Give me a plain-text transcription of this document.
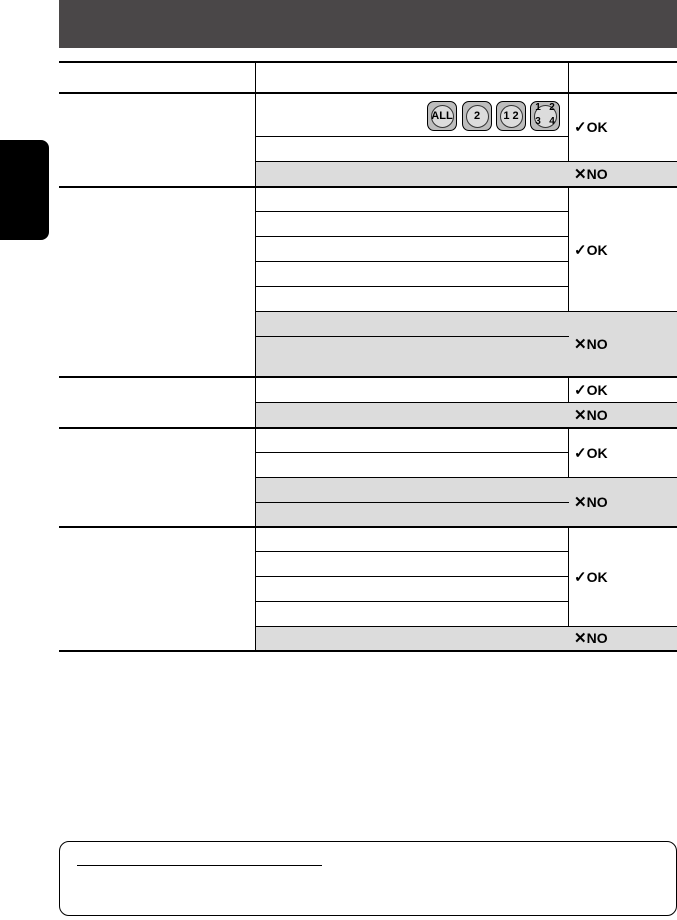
ALL	2	1 2
1 2
3 4 ✓OK
✕NO
✓OK
✕NO
✓OK
✕NO
✓OK
✕NO
✓OK
✕NO
